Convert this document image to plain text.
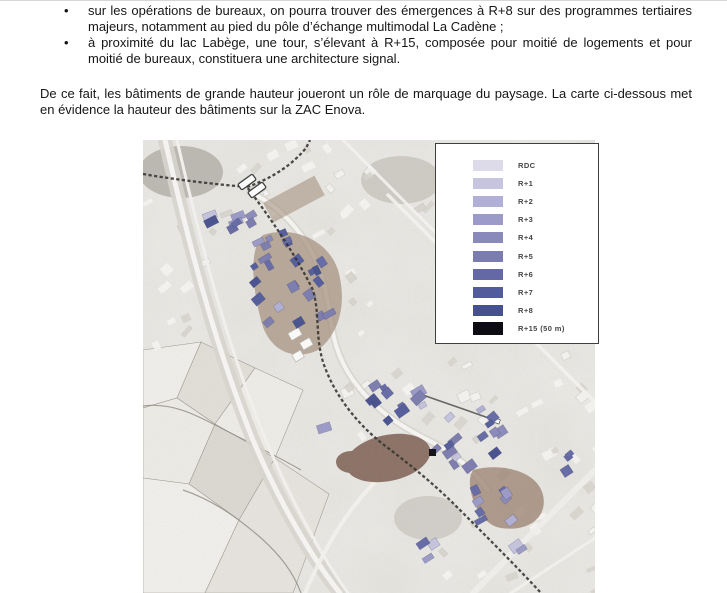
• sur les opérations de bureaux, on pourra trouver des émergences à R+8 sur des programmes tertiaires majeurs, notamment au pied du pôle d’échange multimodal La Cadène ;
• à proximité du lac Labège, une tour, s’élevant à R+15, composée pour moitié de logements et pour moitié de bureaux, constituera une architecture signal.

De ce fait, les bâtiments de grande hauteur joueront un rôle de marquage du paysage. La carte ci-dessous met en évidence la hauteur des bâtiments sur la ZAC Enova.

RDC
R+1
R+2
R+3
R+4
R+5
R+6
R+7
R+8
R+15 (50 m)
